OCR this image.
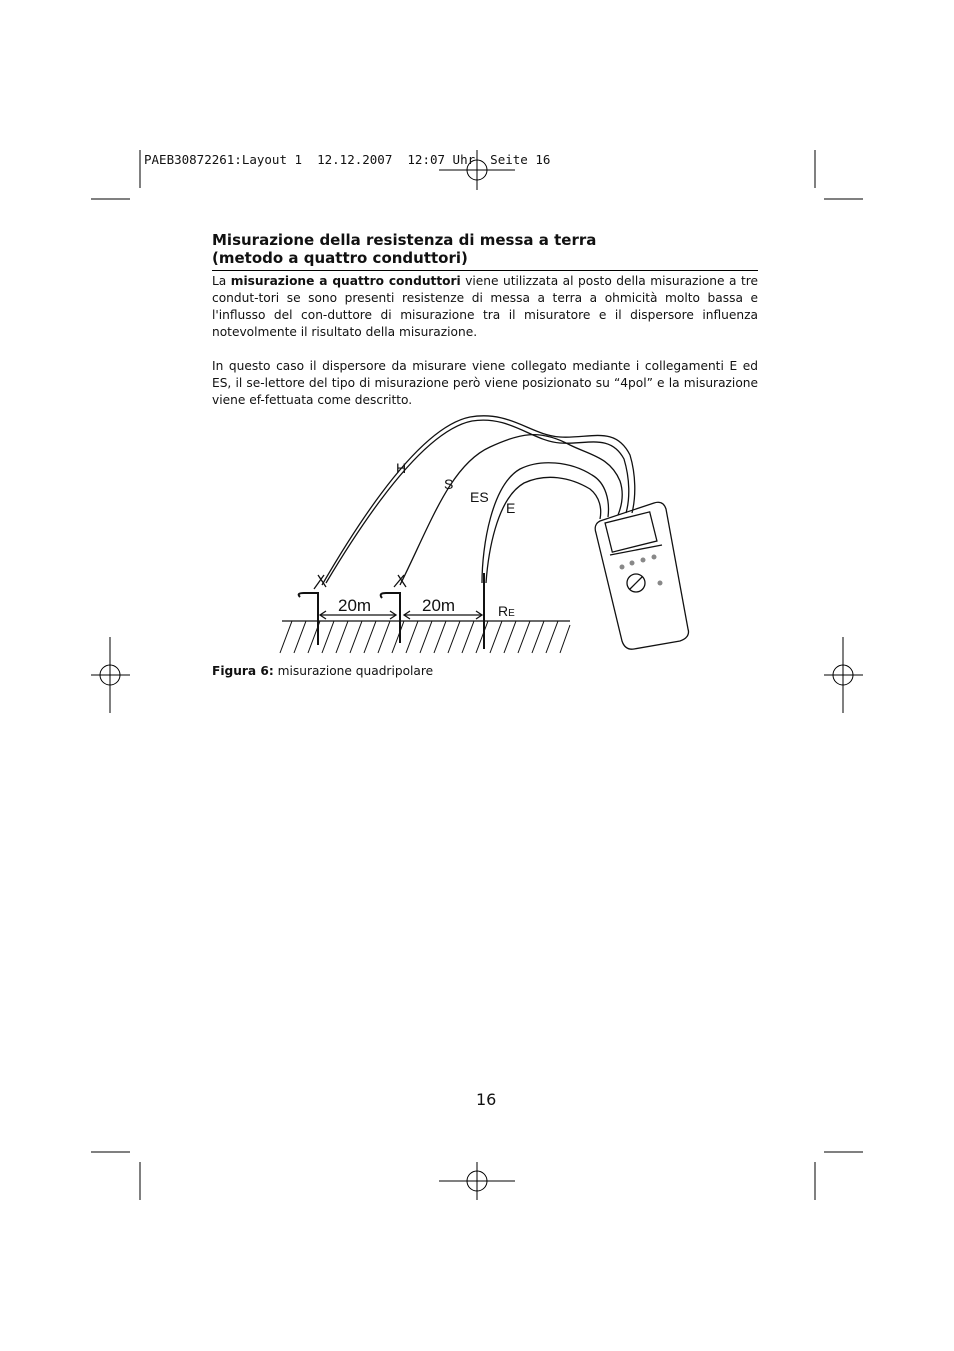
PAEB30872261:Layout 1  12.12.2007  12:07 Uhr  Seite 16
Misurazione della resistenza di messa a terra
(metodo a quattro conduttori)
La misurazione a quattro conduttori viene utilizzata al posto della misurazione a tre condut-tori se sono presenti resistenze di messa a terra a ohmicità molto bassa e l'influsso del con-duttore di misurazione tra il misuratore e il dispersore influenza notevolmente il risultato della misurazione.
In questo caso il dispersore da misurare viene collegato mediante i collegamenti E ed ES, il se-lettore del tipo di misurazione però viene posizionato su “4pol” e la misurazione viene ef-fettuata come descritto.
H
S
ES
E
20m	20m	RE
Figura 6: misurazione quadripolare
16
